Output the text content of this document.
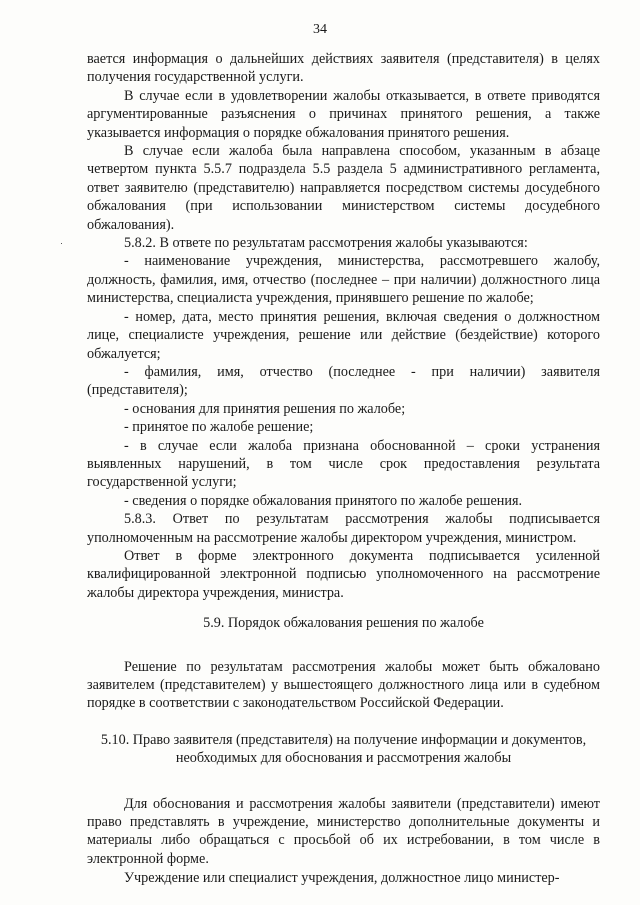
34

вается информация о дальнейших действиях заявителя (представителя) в целях получения государственной услуги.

В случае если в удовлетворении жалобы отказывается, в ответе приводятся аргументированные разъяснения о причинах принятого решения, а также указывается информация о порядке обжалования принятого решения.

В случае если жалоба была направлена способом, указанным в абзаце четвертом пункта 5.5.7 подраздела 5.5 раздела 5 административного регламента, ответ заявителю (представителю) направляется посредством системы досудебного обжалования (при использовании министерством системы досудебного обжалования).

5.8.2. В ответе по результатам рассмотрения жалобы указываются:

- наименование учреждения, министерства, рассмотревшего жалобу, должность, фамилия, имя, отчество (последнее – при наличии) должностного лица министерства, специалиста учреждения, принявшего решение по жалобе;

- номер, дата, место принятия решения, включая сведения о должностном лице, специалисте учреждения, решение или действие (бездействие) которого обжалуется;

- фамилия, имя, отчество (последнее - при наличии) заявителя (представителя);

- основания для принятия решения по жалобе;

- принятое по жалобе решение;

- в случае если жалоба признана обоснованной – сроки устранения выявленных нарушений, в том числе срок предоставления результата государственной услуги;

- сведения о порядке обжалования принятого по жалобе решения.

5.8.3. Ответ по результатам рассмотрения жалобы подписывается уполномоченным на рассмотрение жалобы директором учреждения, министром.

Ответ в форме электронного документа подписывается усиленной квалифицированной электронной подписью уполномоченного на рассмотрение жалобы директора учреждения, министра.

5.9. Порядок обжалования решения по жалобе

Решение по результатам рассмотрения жалобы может быть обжаловано заявителем (представителем) у вышестоящего должностного лица или в судебном порядке в соответствии с законодательством Российской Федерации.

5.10. Право заявителя (представителя) на получение информации и документов, необходимых для обоснования и рассмотрения жалобы

Для обоснования и рассмотрения жалобы заявители (представители) имеют право представлять в учреждение, министерство дополнительные документы и материалы либо обращаться с просьбой об их истребовании, в том числе в электронной форме.

Учреждение или специалист учреждения, должностное лицо министер-
